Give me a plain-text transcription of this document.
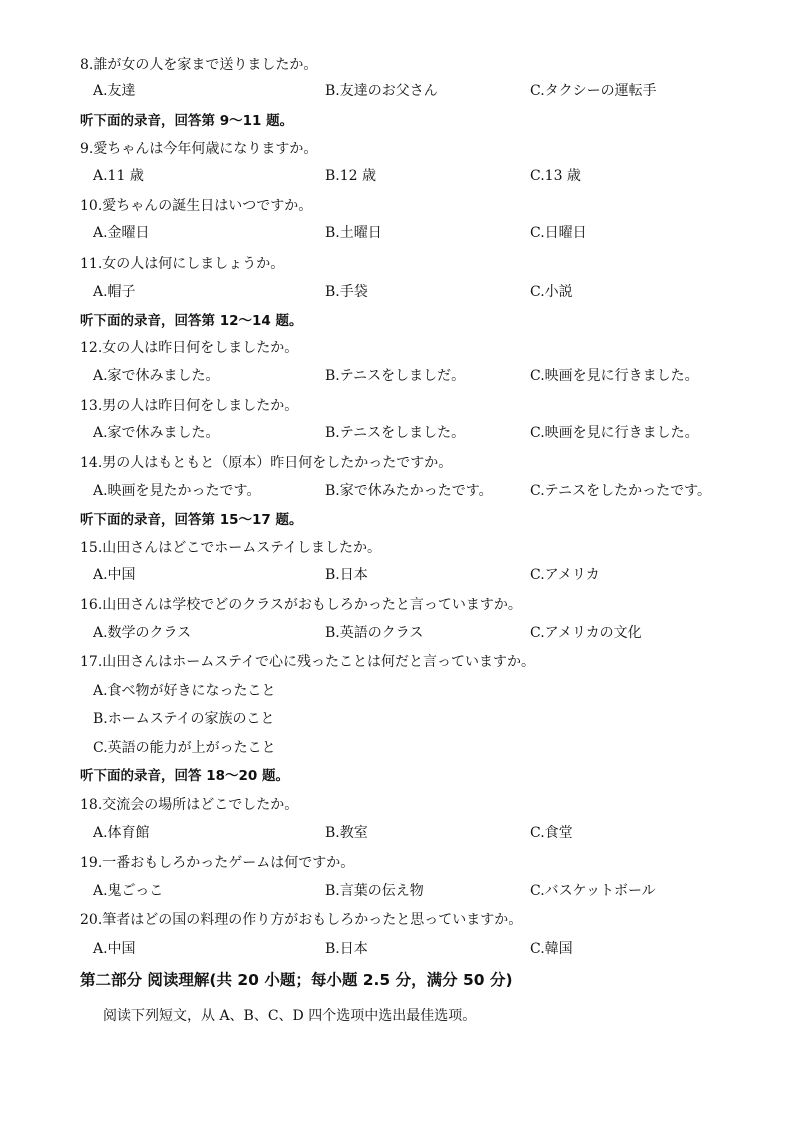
8.誰が女の人を家まで送りましたか。
A.友達	B.友達のお父さん	C.タクシーの運転手
听下面的录音，回答第 9～11 题。
9.愛ちゃんは今年何歳になりますか。
A.11 歳	B.12 歳	C.13 歳
10.愛ちゃんの誕生日はいつですか。
A.金曜日	B.土曜日	C.日曜日
11.女の人は何にしましょうか。
A.帽子	B.手袋	C.小説
听下面的录音，回答第 12～14 题。
12.女の人は昨日何をしましたか。
A.家で休みました。	B.テニスをしましだ。	C.映画を見に行きました。
13.男の人は昨日何をしましたか。
A.家で休みました。	B.テニスをしました。	C.映画を見に行きました。
14.男の人はもともと（原本）昨日何をしたかったですか。
A.映画を見たかったです。	B.家で休みたかったです。	C.テニスをしたかったです。
听下面的录音，回答第 15～17 题。
15.山田さんはどこでホームステイしましたか。
A.中国	B.日本	C.アメリカ
16.山田さんは学校でどのクラスがおもしろかったと言っていますか。
A.数学のクラス	B.英語のクラス	C.アメリカの文化
17.山田さんはホームステイで心に残ったことは何だと言っていますか。
A.食べ物が好きになったこと
B.ホームステイの家族のこと
C.英語の能力が上がったこと
听下面的录音，回答 18～20 题。
18.交流会の場所はどこでしたか。
A.体育館	B.教室	C.食堂
19.一番おもしろかったゲームは何ですか。
A.鬼ごっこ	B.言葉の伝え物	C.バスケットボール
20.筆者はどの国の料理の作り方がおもしろかったと思っていますか。
A.中国	B.日本	C.韓国
第二部分 阅读理解(共 20 小题；每小题 2.5 分，满分 50 分)
阅读下列短文，从 A、B、C、D 四个选项中选出最佳选项。
